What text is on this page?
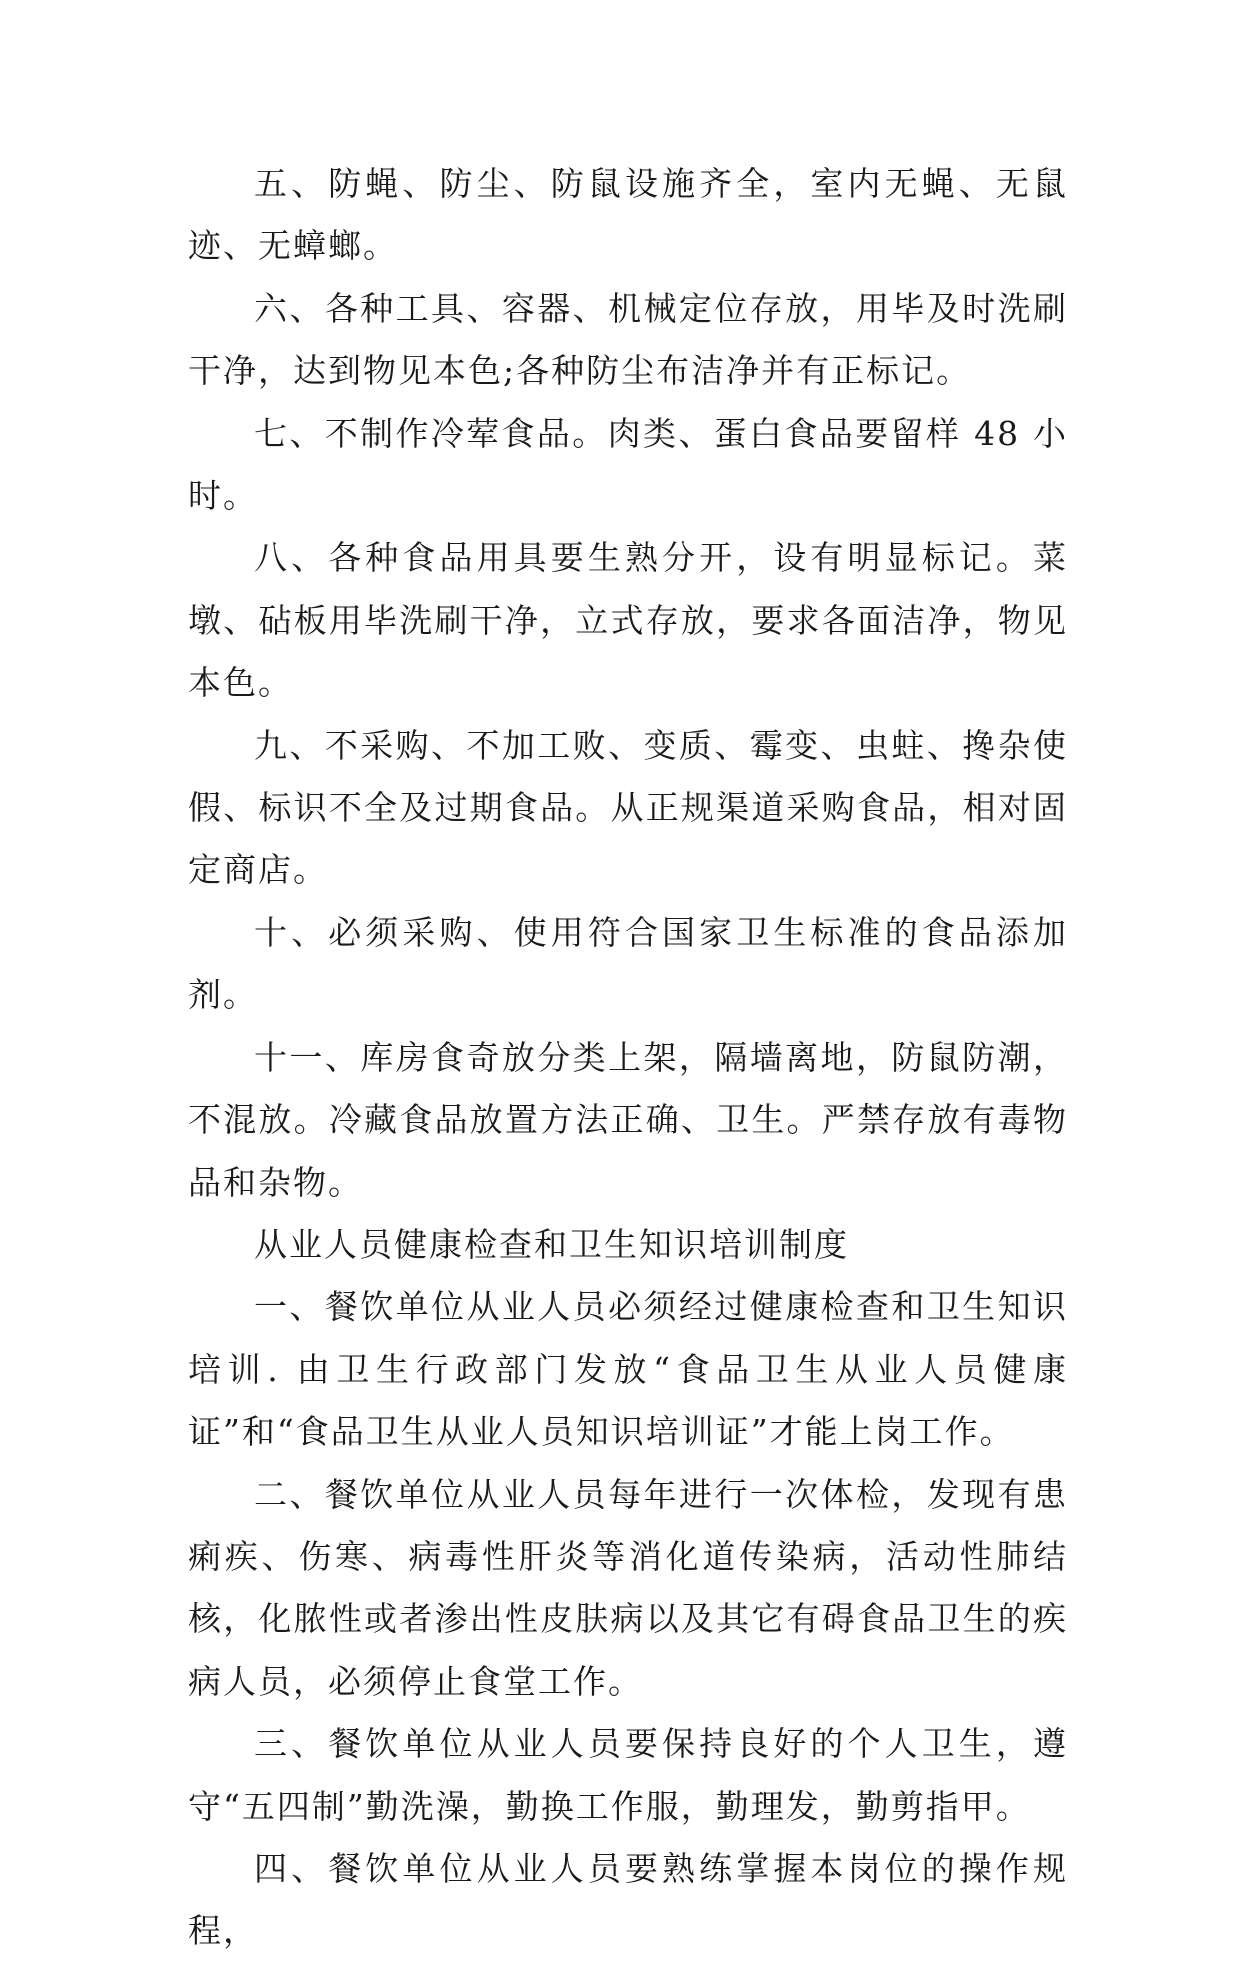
五、防蝇、防尘、防鼠设施齐全，室内无蝇、无鼠迹、无蟑螂。

六、各种工具、容器、机械定位存放，用毕及时洗刷干净，达到物见本色;各种防尘布洁净并有正标记。

七、不制作冷荤食品。肉类、蛋白食品要留样 48 小时。

八、各种食品用具要生熟分开，设有明显标记。菜墩、砧板用毕洗刷干净，立式存放，要求各面洁净，物见本色。

九、不采购、不加工败、变质、霉变、虫蛀、搀杂使假、标识不全及过期食品。从正规渠道采购食品，相对固定商店。

十、必须采购、使用符合国家卫生标准的食品添加剂。

十一、库房食奇放分类上架，隔墙离地，防鼠防潮，不混放。冷藏食品放置方法正确、卫生。严禁存放有毒物品和杂物。

从业人员健康检查和卫生知识培训制度

一、餐饮单位从业人员必须经过健康检查和卫生知识培训. 由卫生行政部门发放“食品卫生从业人员健康证”和“食品卫生从业人员知识培训证”才能上岗工作。

二、餐饮单位从业人员每年进行一次体检，发现有患痢疾、伤寒、病毒性肝炎等消化道传染病，活动性肺结核，化脓性或者渗出性皮肤病以及其它有碍食品卫生的疾病人员，必须停止食堂工作。

三、餐饮单位从业人员要保持良好的个人卫生，遵守“五四制”勤洗澡，勤换工作服，勤理发，勤剪指甲。

四、餐饮单位从业人员要熟练掌握本岗位的操作规程，
